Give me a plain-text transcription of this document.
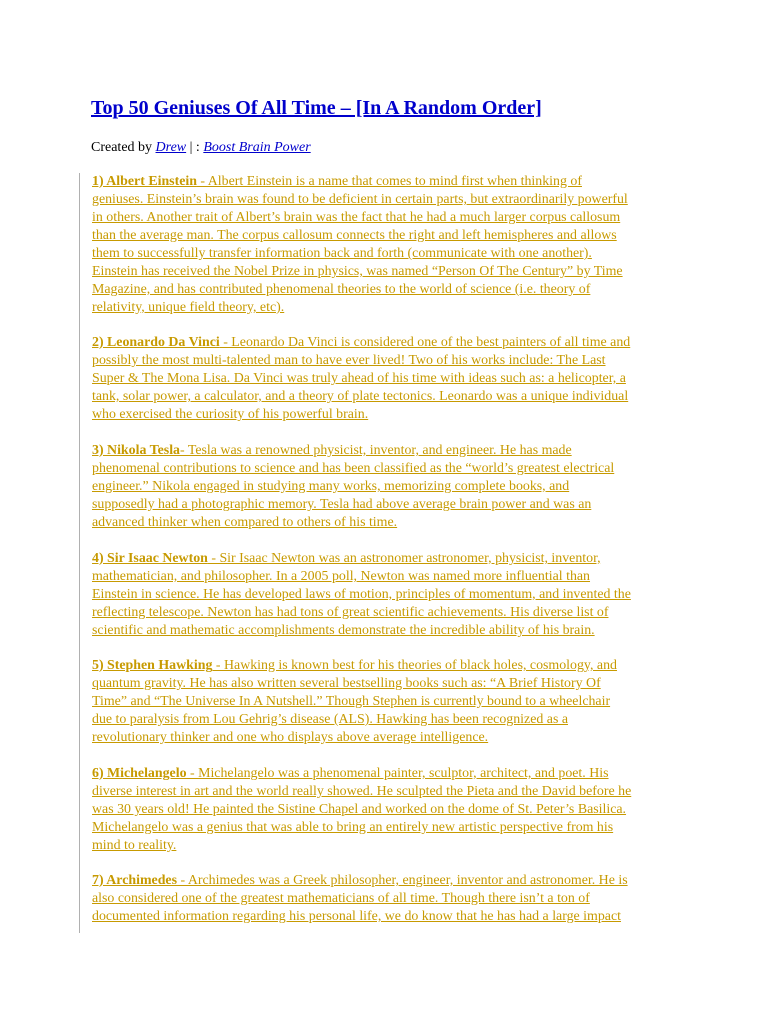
Top 50 Geniuses Of All Time – [In A Random Order]
Created by Drew | : Boost Brain Power
1) Albert Einstein - Albert Einstein is a name that comes to mind first when thinking of
geniuses. Einstein’s brain was found to be deficient in certain parts, but extraordinarily powerful
in others. Another trait of Albert’s brain was the fact that he had a much larger corpus callosum
than the average man. The corpus callosum connects the right and left hemispheres and allows
them to successfully transfer information back and forth (communicate with one another).
Einstein has received the Nobel Prize in physics, was named “Person Of The Century” by Time
Magazine, and has contributed phenomenal theories to the world of science (i.e. theory of
relativity, unique field theory, etc).
2) Leonardo Da Vinci - Leonardo Da Vinci is considered one of the best painters of all time and
possibly the most multi-talented man to have ever lived! Two of his works include: The Last
Super & The Mona Lisa. Da Vinci was truly ahead of his time with ideas such as: a helicopter, a
tank, solar power, a calculator, and a theory of plate tectonics. Leonardo was a unique individual
who exercised the curiosity of his powerful brain.
3) Nikola Tesla- Tesla was a renowned physicist, inventor, and engineer. He has made
phenomenal contributions to science and has been classified as the “world’s greatest electrical
engineer.” Nikola engaged in studying many works, memorizing complete books, and
supposedly had a photographic memory. Tesla had above average brain power and was an
advanced thinker when compared to others of his time.
4) Sir Isaac Newton - Sir Isaac Newton was an astronomer astronomer, physicist, inventor,
mathematician, and philosopher. In a 2005 poll, Newton was named more influential than
Einstein in science. He has developed laws of motion, principles of momentum, and invented the
reflecting telescope. Newton has had tons of great scientific achievements. His diverse list of
scientific and mathematic accomplishments demonstrate the incredible ability of his brain.
5) Stephen Hawking - Hawking is known best for his theories of black holes, cosmology, and
quantum gravity. He has also written several bestselling books such as: “A Brief History Of
Time” and “The Universe In A Nutshell.” Though Stephen is currently bound to a wheelchair
due to paralysis from Lou Gehrig’s disease (ALS). Hawking has been recognized as a
revolutionary thinker and one who displays above average intelligence.
6) Michelangelo - Michelangelo was a phenomenal painter, sculptor, architect, and poet. His
diverse interest in art and the world really showed. He sculpted the Pieta and the David before he
was 30 years old! He painted the Sistine Chapel and worked on the dome of St. Peter’s Basilica.
Michelangelo was a genius that was able to bring an entirely new artistic perspective from his
mind to reality.
7) Archimedes - Archimedes was a Greek philosopher, engineer, inventor and astronomer. He is
also considered one of the greatest mathematicians of all time. Though there isn’t a ton of
documented information regarding his personal life, we do know that he has had a large impact
